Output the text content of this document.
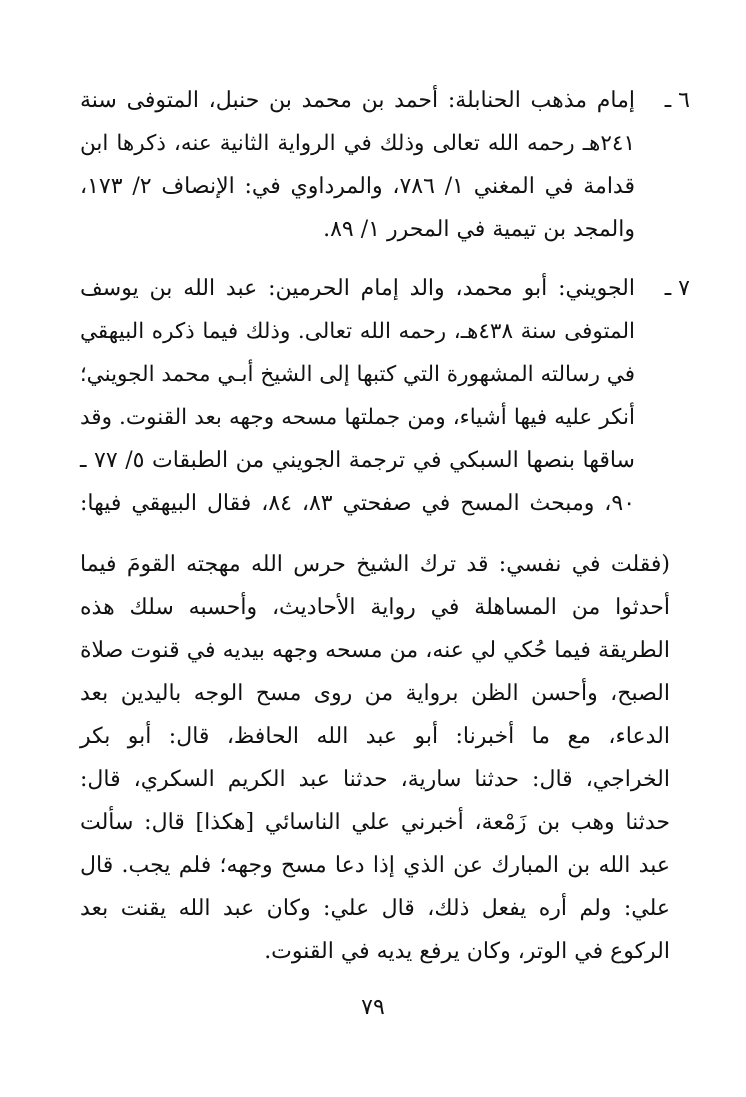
٦ ـ
إمام مذهب الحنابلة: أحمد بن محمد بن حنبل، المتوفى سنة
٢٤١هـ رحمه الله تعالى وذلك في الرواية الثانية عنه، ذكرها ابن
قدامة في المغني ١/ ٧٨٦، والمرداوي في: الإنصاف ٢/ ١٧٣،
والمجد بن تيمية في المحرر ١/ ٨٩.
٧ ـ
الجويني: أبو محمد، والد إمام الحرمين: عبد الله بن يوسف
المتوفى سنة ٤٣٨هـ، رحمه الله تعالى. وذلك فيما ذكره البيهقي
في رسالته المشهورة التي كتبها إلى الشيخ أبـي محمد الجويني؛
أنكر عليه فيها أشياء، ومن جملتها مسحه وجهه بعد القنوت. وقد
ساقها بنصها السبكي في ترجمة الجويني من الطبقات ٥/ ٧٧ ـ
٩٠، ومبحث المسح في صفحتي ٨٣، ٨٤، فقال البيهقي فيها:
(فقلت في نفسي: قد ترك الشيخ حرس الله مهجته القومَ فيما
أحدثوا من المساهلة في رواية الأحاديث، وأحسبه سلك هذه
الطريقة فيما حُكي لي عنه، من مسحه وجهه بيديه في قنوت صلاة
الصبح، وأحسن الظن برواية من روى مسح الوجه باليدين بعد
الدعاء، مع ما أخبرنا: أبو عبد الله الحافظ، قال: أبو بكر
الخراجي، قال: حدثنا سارية، حدثنا عبد الكريم السكري، قال:
حدثنا وهب بن زَمْعة، أخبرني علي الناسائي [هكذا] قال: سألت
عبد الله بن المبارك عن الذي إذا دعا مسح وجهه؛ فلم يجب. قال
علي: ولم أره يفعل ذلك، قال علي: وكان عبد الله يقنت بعد
الركوع في الوتر، وكان يرفع يديه في القنوت.
٧٩
